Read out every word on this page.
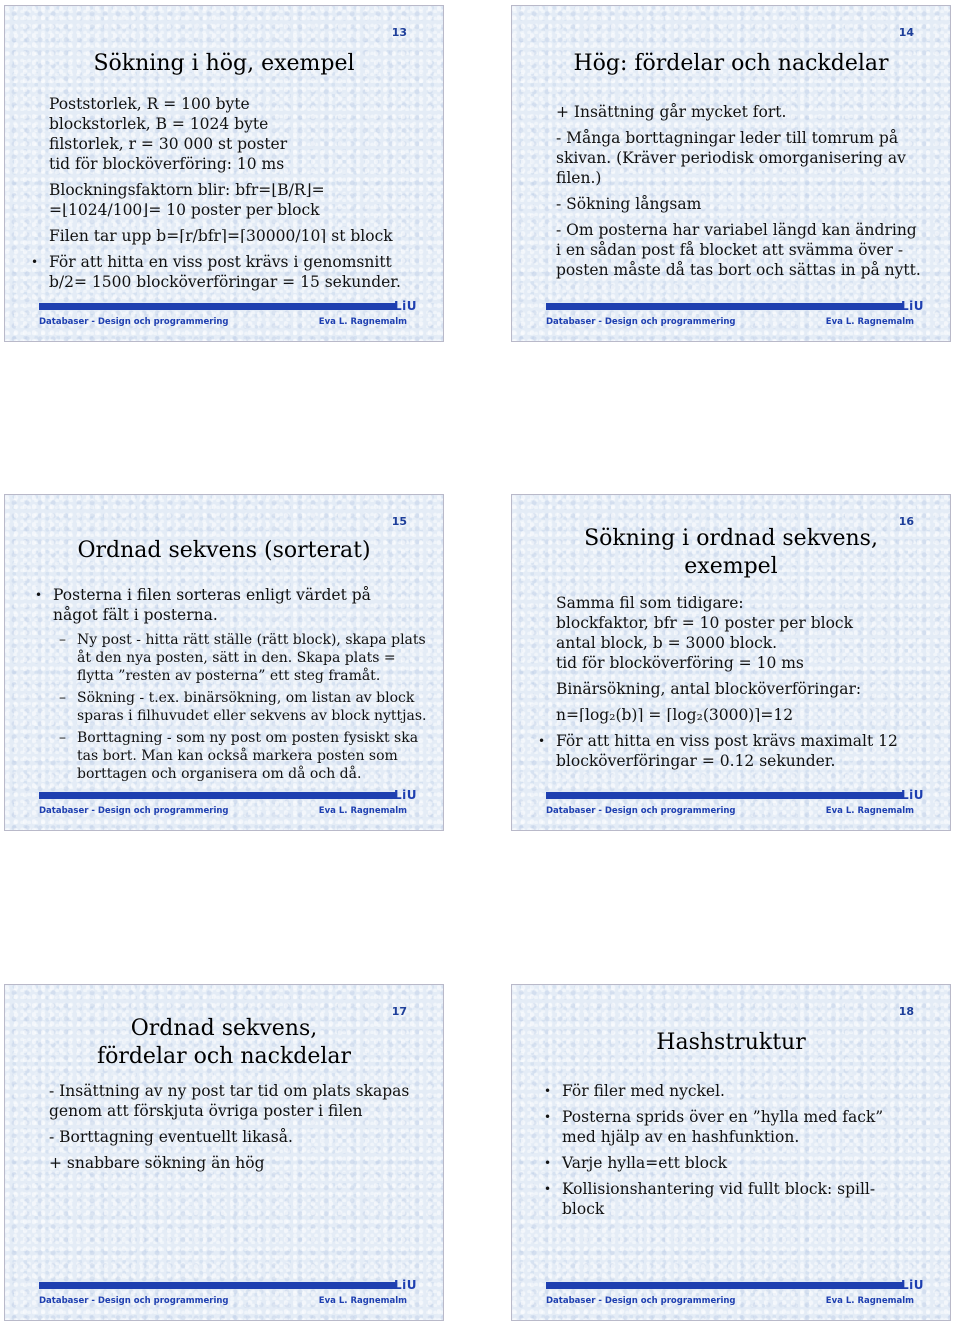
13
Sökning i hög, exempel
Poststorlek, R = 100 byte
blockstorlek, B = 1024 byte
filstorlek, r = 30 000 st poster
tid för blocköverföring: 10 ms
Blockningsfaktorn blir: bfr=⌊B/R⌋=
=⌊1024/100⌋= 10 poster per block
Filen tar upp b=⌈r/bfr⌉=⌈30000/10⌉ st block
• För att hitta en viss post krävs i genomsnitt
b/2= 1500 blocköverföringar = 15 sekunder.
LiU
Databaser - Design och programmering	Eva L. Ragnemalm
14
Hög: fördelar och nackdelar
+ Insättning går mycket fort.
- Många borttagningar leder till tomrum på
skivan. (Kräver periodisk omorganisering av
filen.)
- Sökning långsam
- Om posterna har variabel längd kan ändring
i en sådan post få blocket att svämma över -
posten måste då tas bort och sättas in på nytt.
LiU
Databaser - Design och programmering	Eva L. Ragnemalm
15
Ordnad sekvens (sorterat)
• Posterna i filen sorteras enligt värdet på
något fält i posterna.
– Ny post - hitta rätt ställe (rätt block), skapa plats
åt den nya posten, sätt in den. Skapa plats =
flytta ”resten av posterna” ett steg framåt.
– Sökning - t.ex. binärsökning, om listan av block
sparas i filhuvudet eller sekvens av block nyttjas.
– Borttagning - som ny post om posten fysiskt ska
tas bort. Man kan också markera posten som
borttagen och organisera om då och då.
LiU
Databaser - Design och programmering	Eva L. Ragnemalm
16
Sökning i ordnad sekvens,
exempel
Samma fil som tidigare:
blockfaktor, bfr = 10 poster per block
antal block, b = 3000 block.
tid för blocköverföring = 10 ms
Binärsökning, antal blocköverföringar:
n=⌈log₂(b)⌉ = ⌈log₂(3000)⌉=12
• För att hitta en viss post krävs maximalt 12
blocköverföringar = 0.12 sekunder.
LiU
Databaser - Design och programmering	Eva L. Ragnemalm
17
Ordnad sekvens,
fördelar och nackdelar
- Insättning av ny post tar tid om plats skapas
genom att förskjuta övriga poster i filen
- Borttagning eventuellt likaså.
+ snabbare sökning än hög
LiU
Databaser - Design och programmering	Eva L. Ragnemalm
18
Hashstruktur
• För filer med nyckel.
• Posterna sprids över en ”hylla med fack”
med hjälp av en hashfunktion.
• Varje hylla=ett block
• Kollisionshantering vid fullt block: spill-
block
LiU
Databaser - Design och programmering	Eva L. Ragnemalm
